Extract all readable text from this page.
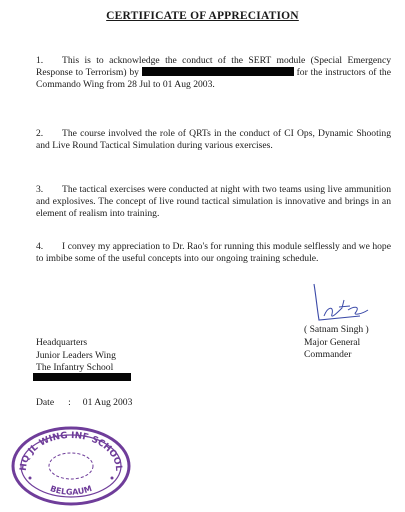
CERTIFICATE OF APPRECIATION
1. This is to acknowledge the conduct of the SERT module (Special Emergency Response to Terrorism) by	for the instructors of the Commando Wing from 28 Jul to 01 Aug 2003.
2. The course involved the role of QRTs in the conduct of CI Ops, Dynamic Shooting and Live Round Tactical Simulation during various exercises.
3. The tactical exercises were conducted at night with two teams using live ammunition and explosives. The concept of live round tactical simulation is innovative and brings in an element of realism into training.
4. I convey my appreciation to Dr. Rao's for running this module selflessly and we hope to imbibe some of the useful concepts into our ongoing training schedule.
( Satnam Singh )
Major General
Commander
Headquarters
Junior Leaders Wing
The Infantry School
Date : 01 Aug 2003
HQ JL WING INF SCHOOL
BELGAUM
